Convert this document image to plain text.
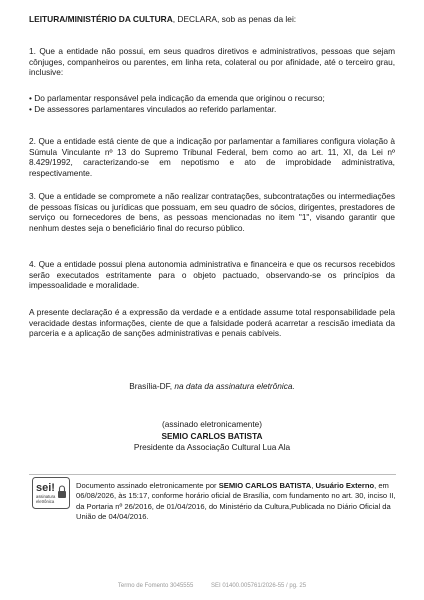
LEITURA/MINISTÉRIO DA CULTURA, DECLARA, sob as penas da lei:

1. Que a entidade não possui, em seus quadros diretivos e administrativos, pessoas que sejam cônjuges, companheiros ou parentes, em linha reta, colateral ou por afinidade, até o terceiro grau, inclusive:

• Do parlamentar responsável pela indicação da emenda que originou o recurso;

• De assessores parlamentares vinculados ao referido parlamentar.

2. Que a entidade está ciente de que a indicação por parlamentar a familiares configura violação à Súmula Vinculante nº 13 do Supremo Tribunal Federal, bem como ao art. 11, XI, da Lei nº 8.429/1992, caracterizando-se em nepotismo e ato de improbidade administrativa, respectivamente.

3. Que a entidade se compromete a não realizar contratações, subcontratações ou intermediações de pessoas físicas ou jurídicas que possuam, em seu quadro de sócios, dirigentes, prestadores de serviço ou fornecedores de bens, as pessoas mencionadas no item "1", visando garantir que nenhum destes seja o beneficiário final do recurso público.

4. Que a entidade possui plena autonomia administrativa e financeira e que os recursos recebidos serão executados estritamente para o objeto pactuado, observando-se os princípios da impessoalidade e moralidade.

A presente declaração é a expressão da verdade e a entidade assume total responsabilidade pela veracidade destas informações, ciente de que a falsidade poderá acarretar a rescisão imediata da parceria e a aplicação de sanções administrativas e penais cabíveis.

Brasília-DF, na data da assinatura eletrônica.

(assinado eletronicamente)

SEMIO CARLOS BATISTA

Presidente da Associação Cultural Lua Ala

sei!
assinatura
eletrônica

Documento assinado eletronicamente por SEMIO CARLOS BATISTA, Usuário Externo, em 06/08/2026, às 15:17, conforme horário oficial de Brasília, com fundamento no art. 30, inciso II, da Portaria nº 26/2016, de 01/04/2016, do Ministério da Cultura,Publicada no Diário Oficial da União de 04/04/2016.

Termo de Fomento 3045555	SEI 01400.005761/2026-55 / pg. 25
